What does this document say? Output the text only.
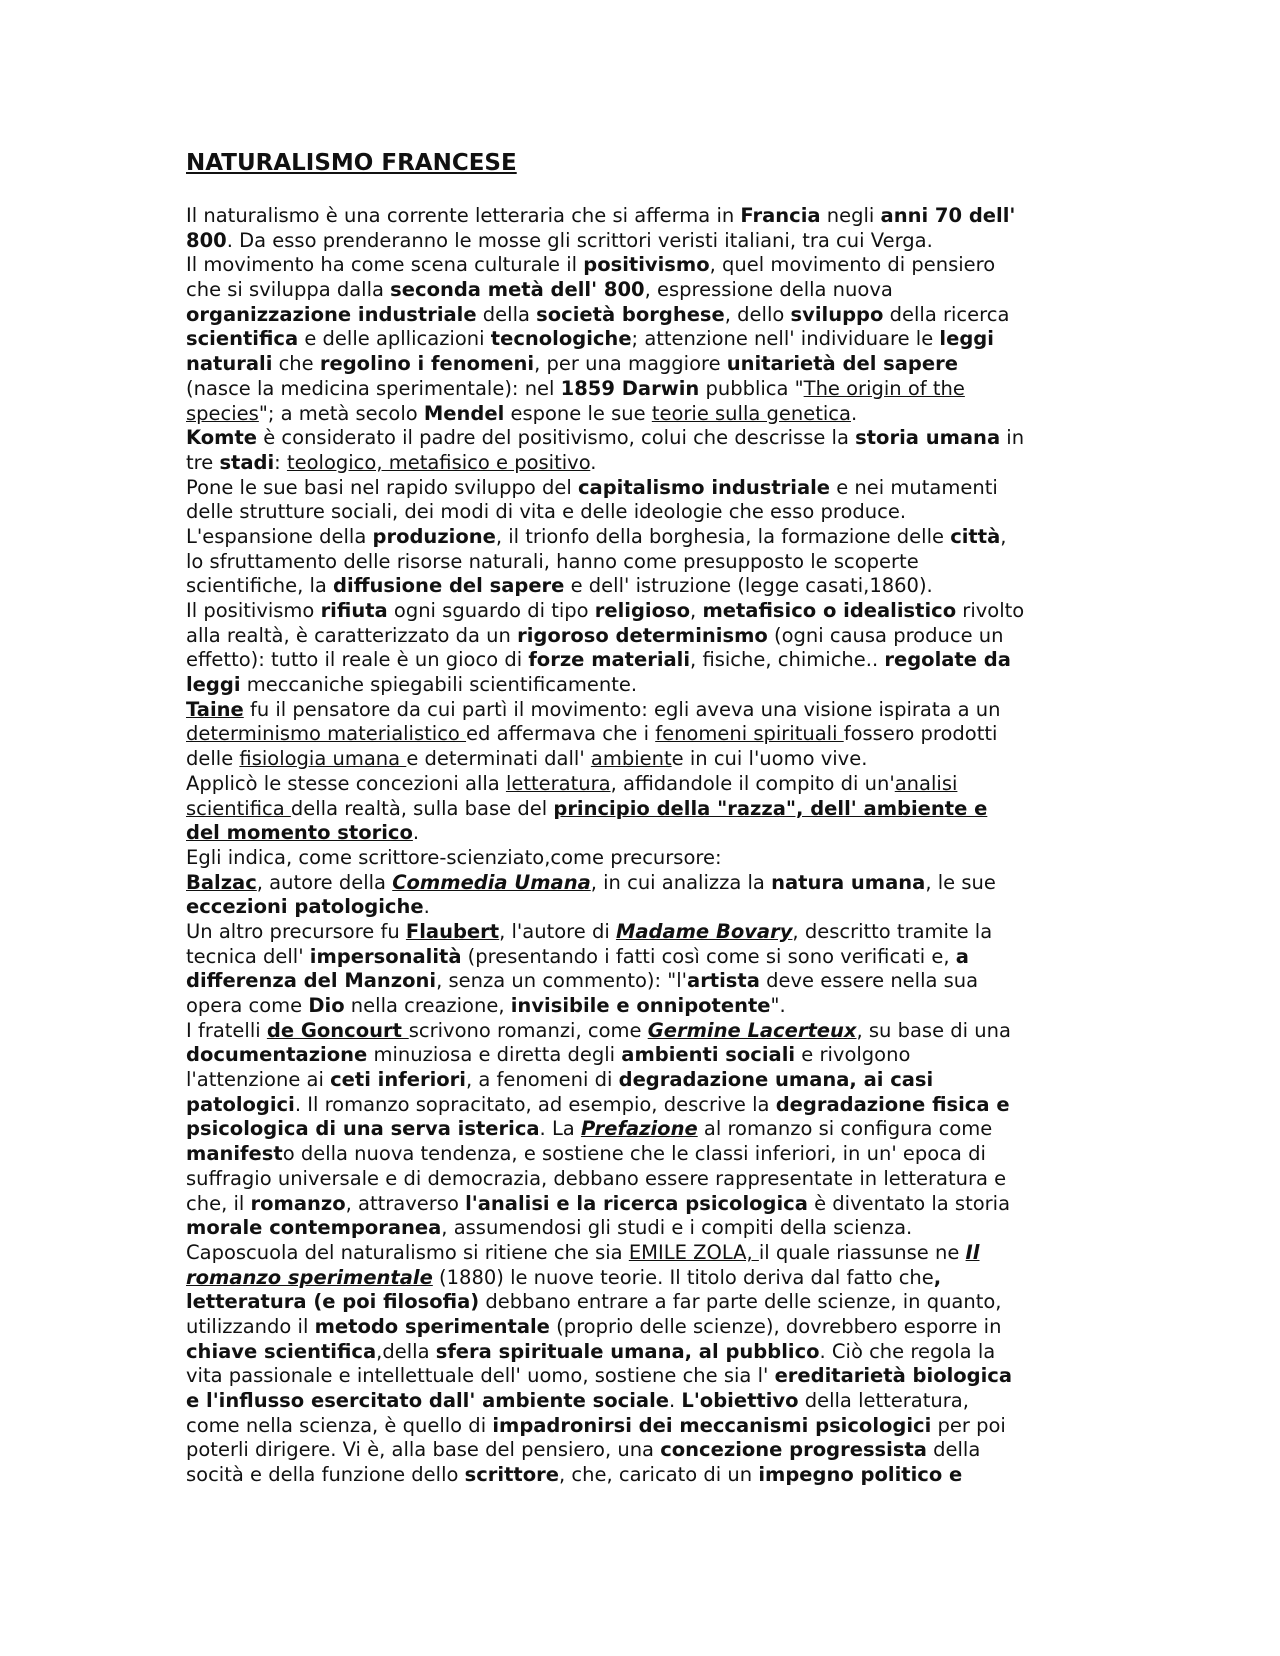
NATURALISMO FRANCESE
Il naturalismo è una corrente letteraria che si afferma in Francia negli anni 70 dell'
800. Da esso prenderanno le mosse gli scrittori veristi italiani, tra cui Verga.
Il movimento ha come scena culturale il positivismo, quel movimento di pensiero
che si sviluppa dalla seconda metà dell' 800, espressione della nuova
organizzazione industriale della società borghese, dello sviluppo della ricerca
scientifica e delle apllicazioni tecnologiche; attenzione nell' individuare le leggi
naturali che regolino i fenomeni, per una maggiore unitarietà del sapere
(nasce la medicina sperimentale): nel 1859 Darwin pubblica "The origin of the
species"; a metà secolo Mendel espone le sue teorie sulla genetica.
Komte è considerato il padre del positivismo, colui che descrisse la storia umana in
tre stadi: teologico, metafisico e positivo.
Pone le sue basi nel rapido sviluppo del capitalismo industriale e nei mutamenti
delle strutture sociali, dei modi di vita e delle ideologie che esso produce.
L'espansione della produzione, il trionfo della borghesia, la formazione delle città,
lo sfruttamento delle risorse naturali, hanno come presupposto le scoperte
scientifiche, la diffusione del sapere e dell' istruzione (legge casati,1860).
Il positivismo rifiuta ogni sguardo di tipo religioso, metafisico o idealistico rivolto
alla realtà, è caratterizzato da un rigoroso determinismo (ogni causa produce un
effetto): tutto il reale è un gioco di forze materiali, fisiche, chimiche.. regolate da
leggi meccaniche spiegabili scientificamente.
Taine fu il pensatore da cui partì il movimento: egli aveva una visione ispirata a un
determinismo materialistico ed affermava che i fenomeni spirituali fossero prodotti
delle fisiologia umana e determinati dall' ambiente in cui l'uomo vive.
Applicò le stesse concezioni alla letteratura, affidandole il compito di un'analisi
scientifica della realtà, sulla base del principio della "razza", dell' ambiente e
del momento storico.
Egli indica, come scrittore-scienziato,come precursore:
Balzac, autore della Commedia Umana, in cui analizza la natura umana, le sue
eccezioni patologiche.
Un altro precursore fu Flaubert, l'autore di Madame Bovary, descritto tramite la
tecnica dell' impersonalità (presentando i fatti così come si sono verificati e, a
differenza del Manzoni, senza un commento): "l'artista deve essere nella sua
opera come Dio nella creazione, invisibile e onnipotente".
I fratelli de Goncourt scrivono romanzi, come Germine Lacerteux, su base di una
documentazione minuziosa e diretta degli ambienti sociali e rivolgono
l'attenzione ai ceti inferiori, a fenomeni di degradazione umana, ai casi
patologici. Il romanzo sopracitato, ad esempio, descrive la degradazione fisica e
psicologica di una serva isterica. La Prefazione al romanzo si configura come
manifesto della nuova tendenza, e sostiene che le classi inferiori, in un' epoca di
suffragio universale e di democrazia, debbano essere rappresentate in letteratura e
che, il romanzo, attraverso l'analisi e la ricerca psicologica è diventato la storia
morale contemporanea, assumendosi gli studi e i compiti della scienza.
Caposcuola del naturalismo si ritiene che sia EMILE ZOLA, il quale riassunse ne Il
romanzo sperimentale (1880) le nuove teorie. Il titolo deriva dal fatto che,
letteratura (e poi filosofia) debbano entrare a far parte delle scienze, in quanto,
utilizzando il metodo sperimentale (proprio delle scienze), dovrebbero esporre in
chiave scientifica,della sfera spirituale umana, al pubblico. Ciò che regola la
vita passionale e intellettuale dell' uomo, sostiene che sia l' ereditarietà biologica
e l'influsso esercitato dall' ambiente sociale. L'obiettivo della letteratura,
come nella scienza, è quello di impadronirsi dei meccanismi psicologici per poi
poterli dirigere. Vi è, alla base del pensiero, una concezione progressista della
socità e della funzione dello scrittore, che, caricato di un impegno politico e
